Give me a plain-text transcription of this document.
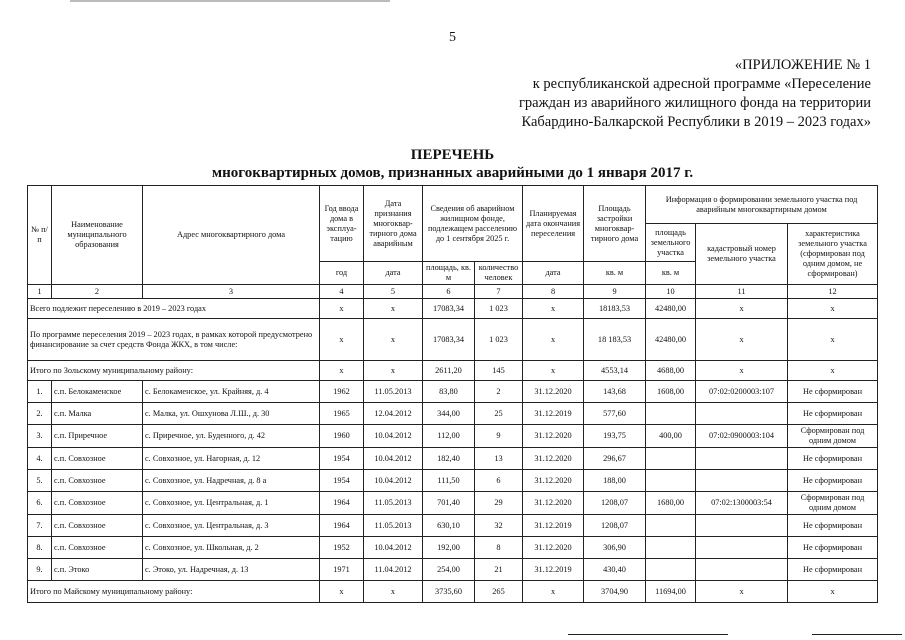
5
«ПРИЛОЖЕНИЕ № 1
к республиканской адресной программе «Переселение
граждан из аварийного жилищного фонда на территории
Кабардино-Балкарской Республики в 2019 – 2023 годах»
ПЕРЕЧЕНЬ
многоквартирных домов, признанных аварийными до 1 января 2017 г.
№ п/п	Наименование муниципального образования	Адрес многоквартирного дома	Год ввода дома в эксплуа-тацию	Дата признания многоквар-тирного дома аварийным	Сведения об аварийном жилищном фонде, подлежащем расселению до 1 сентября 2025 г.		Планируемая дата окончания переселения	Площадь застройки многоквар-тирного дома	Информация о формировании земельного участка под аварийным многоквартирным домом		
									площадь земельного участка	кадастровый номер земельного участка	характеристика земельного участка (сформирован под одним домом, не сформирован)
			год	дата	площадь, кв. м	количество человек	дата	кв. м	кв. м		
1	2	3	4	5	6	7	8	9	10	11	12
Всего подлежит переселению в 2019 – 2023 годах			х	х	17083,34	1 023	х	18183,53	42480,00	х	х
По программе переселения 2019 – 2023 годах, в рамках которой предусмотрено финансирование за счет средств Фонда ЖКХ, в том числе:			х	х	17083,34	1 023	х	18 183,53	42480,00	х	х
Итого по Зольскому муниципальному району:			х	х	2611,20	145	х	4553,14	4688,00	х	х
1.	с.п. Белокаменское	с. Белокаменское, ул. Крайняя, д. 4	1962	11.05.2013	83,80	2	31.12.2020	143,68	1608,00	07:02:0200003:107	Не сформирован
2.	с.п. Малка	с. Малка, ул. Ошхунова Л.Ш., д. 30	1965	12.04.2012	344,00	25	31.12.2019	577,60			Не сформирован
3.	с.п. Приречное	с. Приречное, ул. Буденного, д. 42	1960	10.04.2012	112,00	9	31.12.2020	193,75	400,00	07:02:0900003:104	Сформирован под одним домом
4.	с.п. Совхозное	с. Совхозное, ул. Нагорная, д. 12	1954	10.04.2012	182,40	13	31.12.2020	296,67			Не сформирован
5.	с.п. Совхозное	с. Совхозное, ул. Надречная, д. 8 а	1954	10.04.2012	111,50	6	31.12.2020	188,00			Не сформирован
6.	с.п. Совхозное	с. Совхозное, ул. Центральная, д. 1	1964	11.05.2013	701,40	29	31.12.2020	1208,07	1680,00	07:02:1300003:54	Сформирован под одним домом
7.	с.п. Совхозное	с. Совхозное, ул. Центральная, д. 3	1964	11.05.2013	630,10	32	31.12.2019	1208,07			Не сформирован
8.	с.п. Совхозное	с. Совхозное, ул. Школьная, д. 2	1952	10.04.2012	192,00	8	31.12.2020	306,90			Не сформирован
9.	с.п. Этоко	с. Этоко, ул. Надречная, д. 13	1971	11.04.2012	254,00	21	31.12.2019	430,40			Не сформирован
Итого по Майскому муниципальному району:			х	х	3735,60	265	х	3704,90	11694,00	х	х
